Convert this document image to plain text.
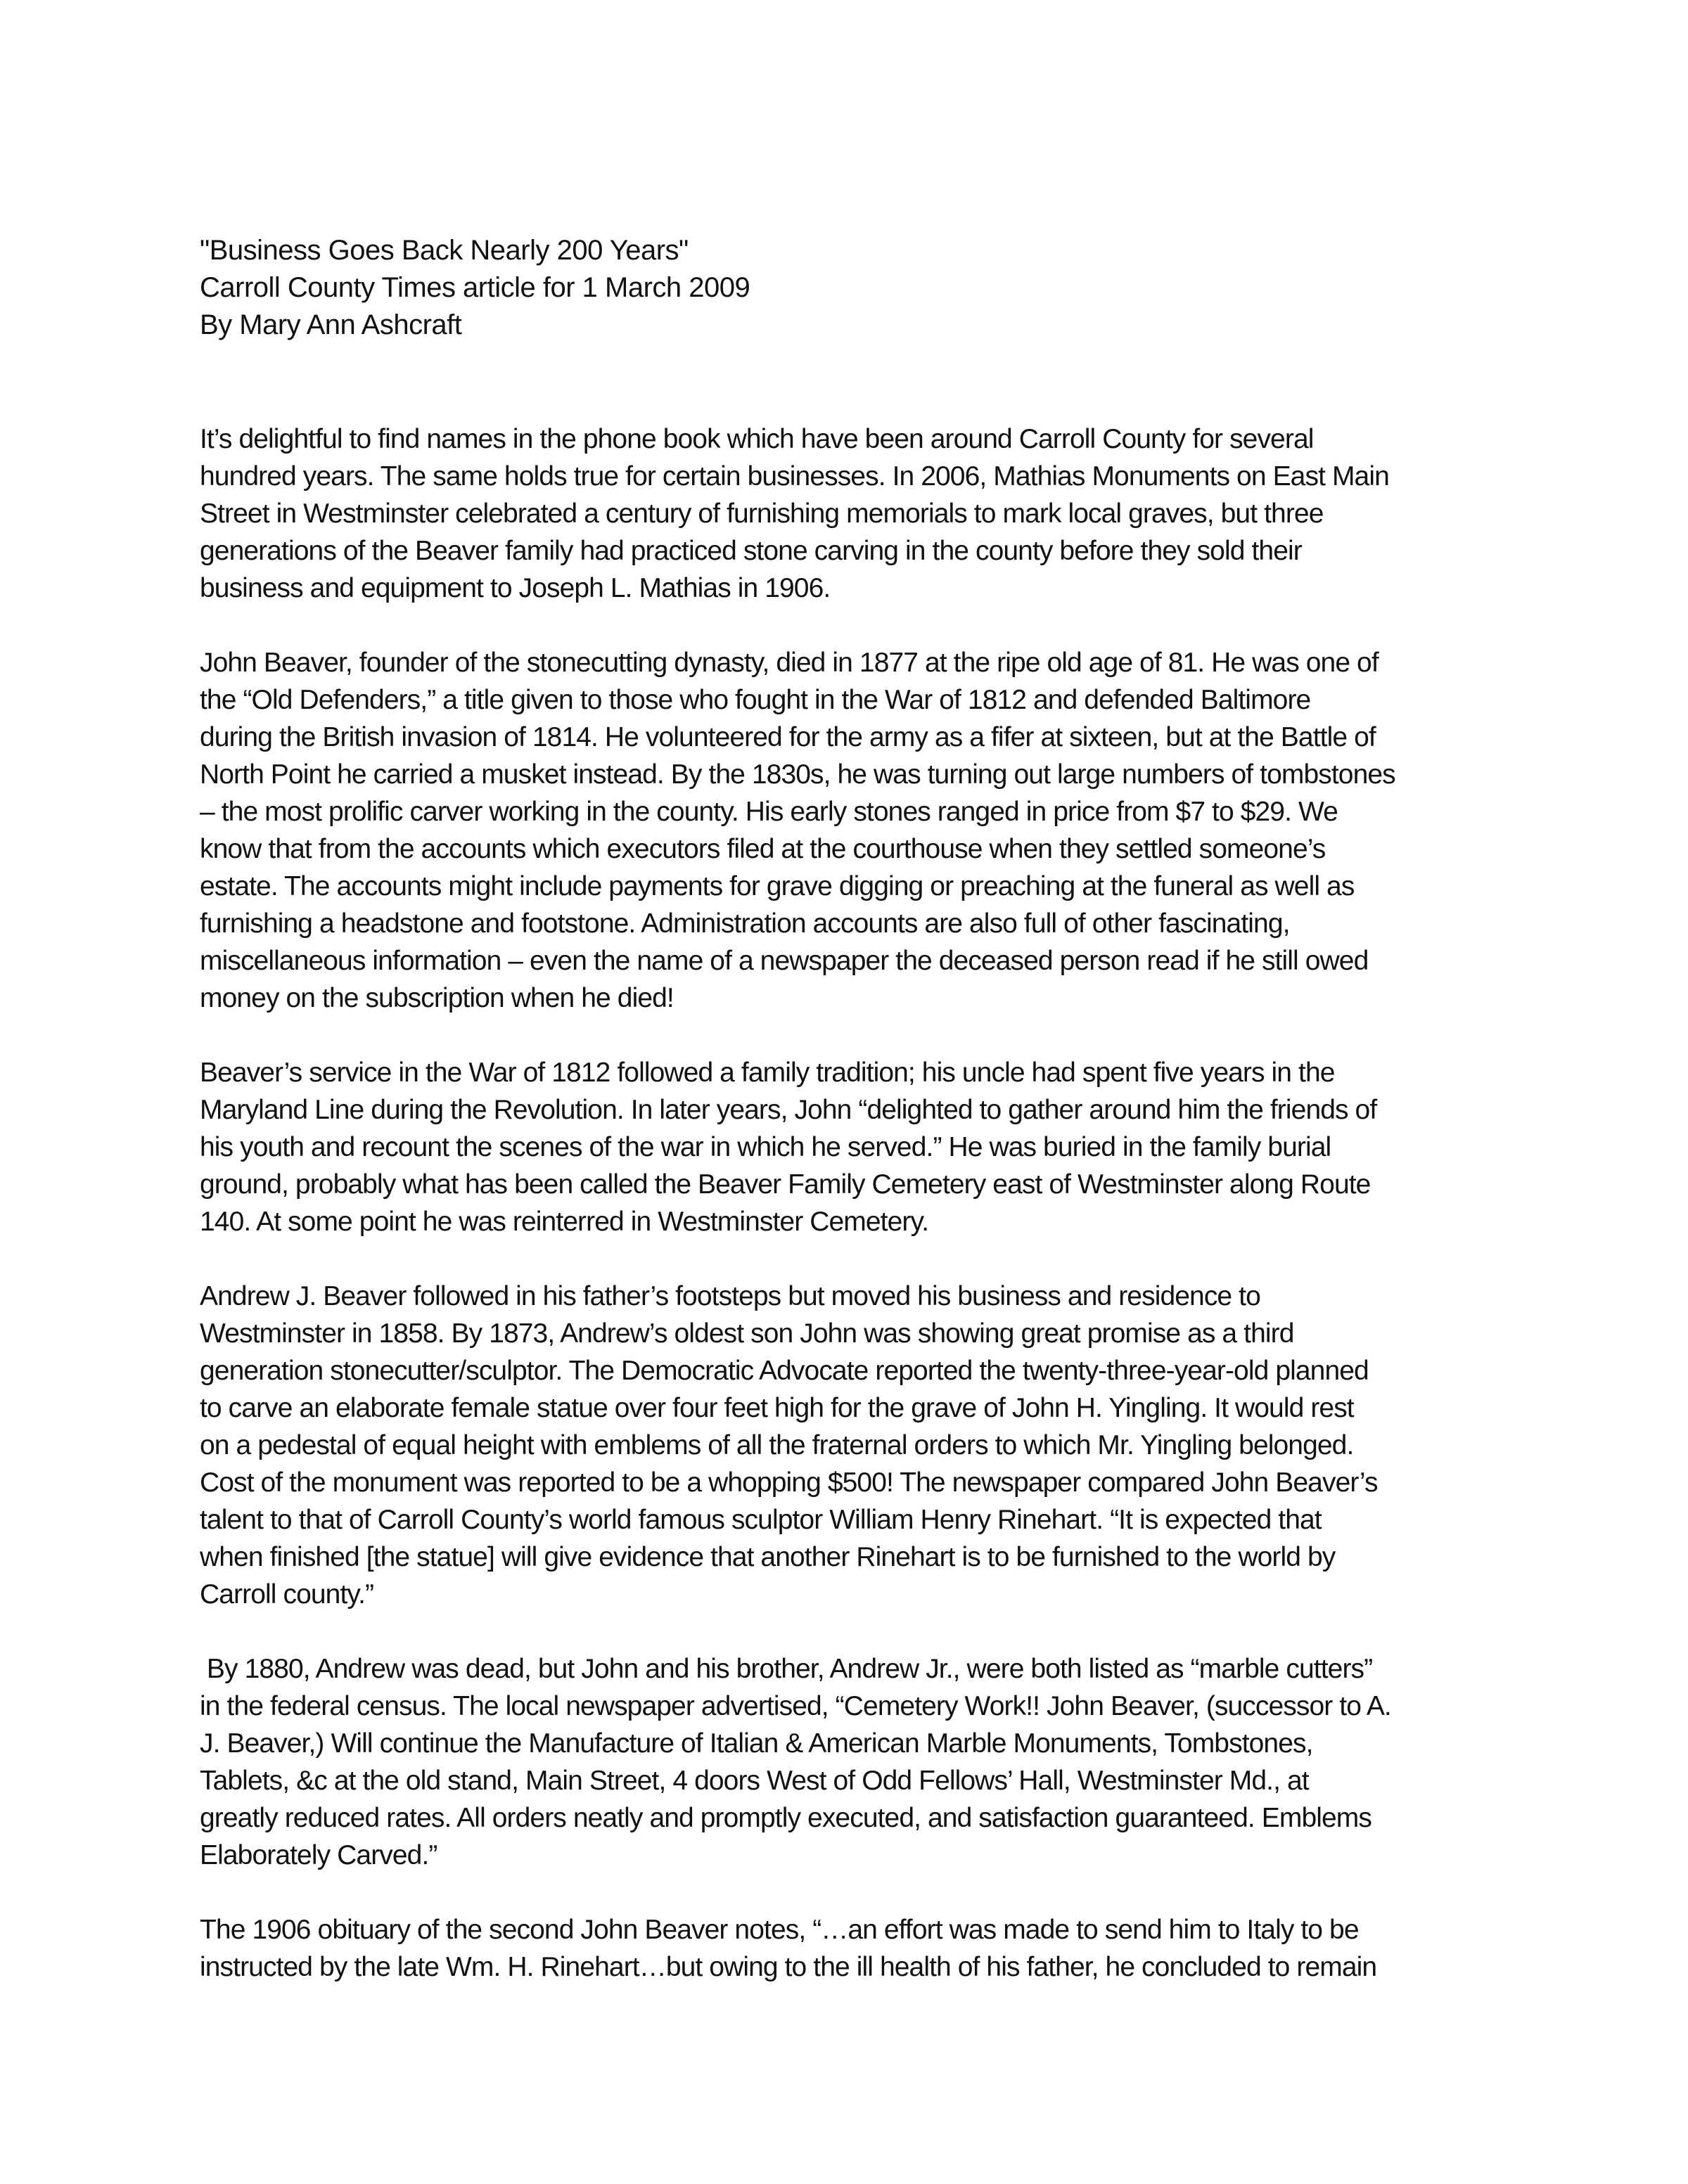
"Business Goes Back Nearly 200 Years"
Carroll County Times article for 1 March 2009
By Mary Ann Ashcraft
It’s delightful to find names in the phone book which have been around Carroll County for several
hundred years. The same holds true for certain businesses. In 2006, Mathias Monuments on East Main
Street in Westminster celebrated a century of furnishing memorials to mark local graves, but three
generations of the Beaver family had practiced stone carving in the county before they sold their
business and equipment to Joseph L. Mathias in 1906.
John Beaver, founder of the stonecutting dynasty, died in 1877 at the ripe old age of 81. He was one of
the “Old Defenders,” a title given to those who fought in the War of 1812 and defended Baltimore
during the British invasion of 1814. He volunteered for the army as a fifer at sixteen, but at the Battle of
North Point he carried a musket instead. By the 1830s, he was turning out large numbers of tombstones
– the most prolific carver working in the county. His early stones ranged in price from $7 to $29. We
know that from the accounts which executors filed at the courthouse when they settled someone’s
estate. The accounts might include payments for grave digging or preaching at the funeral as well as
furnishing a headstone and footstone. Administration accounts are also full of other fascinating,
miscellaneous information – even the name of a newspaper the deceased person read if he still owed
money on the subscription when he died!
Beaver’s service in the War of 1812 followed a family tradition; his uncle had spent five years in the
Maryland Line during the Revolution. In later years, John “delighted to gather around him the friends of
his youth and recount the scenes of the war in which he served.” He was buried in the family burial
ground, probably what has been called the Beaver Family Cemetery east of Westminster along Route
140. At some point he was reinterred in Westminster Cemetery.
Andrew J. Beaver followed in his father’s footsteps but moved his business and residence to
Westminster in 1858. By 1873, Andrew’s oldest son John was showing great promise as a third
generation stonecutter/sculptor. The Democratic Advocate reported the twenty-three-year-old planned
to carve an elaborate female statue over four feet high for the grave of John H. Yingling. It would rest
on a pedestal of equal height with emblems of all the fraternal orders to which Mr. Yingling belonged.
Cost of the monument was reported to be a whopping $500! The newspaper compared John Beaver’s
talent to that of Carroll County’s world famous sculptor William Henry Rinehart. “It is expected that
when finished [the statue] will give evidence that another Rinehart is to be furnished to the world by
Carroll county.”
By 1880, Andrew was dead, but John and his brother, Andrew Jr., were both listed as “marble cutters”
in the federal census. The local newspaper advertised, “Cemetery Work!! John Beaver, (successor to A.
J. Beaver,) Will continue the Manufacture of Italian & American Marble Monuments, Tombstones,
Tablets, &c at the old stand, Main Street, 4 doors West of Odd Fellows’ Hall, Westminster Md., at
greatly reduced rates. All orders neatly and promptly executed, and satisfaction guaranteed. Emblems
Elaborately Carved.”
The 1906 obituary of the second John Beaver notes, “…an effort was made to send him to Italy to be
instructed by the late Wm. H. Rinehart…but owing to the ill health of his father, he concluded to remain
